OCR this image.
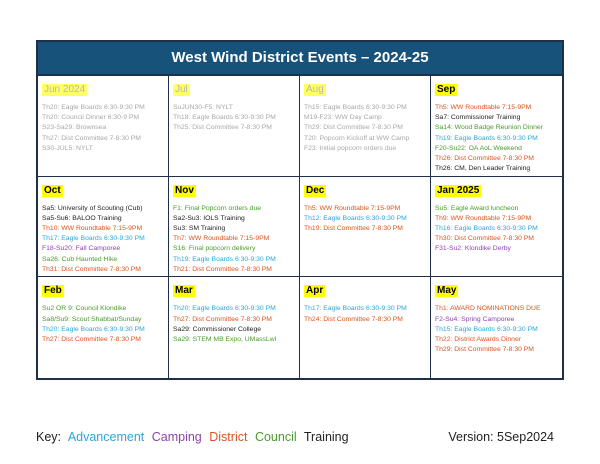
West Wind District Events – 2024-25
Jun 2024
Th20: Eagle Boards 6:30-9:30 PM
Th20: Council Dinner 6:30-9 PM
S23-Sa29: Brownsea
Th27: Dist Committee 7-8:30 PM
S30-JUL5: NYLT
Jul
SuJUN30-F5: NYLT
Th18: Eagle Boards 6:30-9:30 PM
Th25: Dist Committee 7-8:30 PM
Aug
Th15: Eagle Boards 6:30-9:30 PM
M19-F23: WW Day Camp
Th29: Dist Committee 7-8:30 PM
T20: Popcorn Kickoff at WW Camp
F23: Initial popcorn orders due
Sep
Th5: WW Roundtable 7:15-9PM
Sa7: Commissioner Training
Sa14: Wood Badge Reunion Dinner
Th19: Eagle Boards 6:30-9:30 PM
F20-Su22: OA AoL Weekend
Th26: Dist Committee 7-8:30 PM
Th26: CM, Den Leader Training
Oct
Sa5: University of Scouting (Cub)
Sa5-Su6: BALOO Training
Th10: WW Roundtable 7:15-9PM
Th17: Eagle Boards 6:30-9:30 PM
F18-Su20: Fall Camporee
Sa26: Cub Haunted Hike
Th31: Dist Committee 7-8:30 PM
Nov
F1: Final Popcorn orders due
Sa2-Su3: IOLS Training
Su3: SM Training
Th7: WW Roundtable 7:15-9PM
S16: Final popcorn delivery
Th19: Eagle Boards 6:30-9:30 PM
Th21: Dist Committee 7-8:30 PM
Dec
Th5: WW Roundtable 7:15-9PM
Th12: Eagle Boards 6:30-9:30 PM
Th19: Dist Committee 7-8:30 PM
Jan 2025
Su5: Eagle Award luncheon
Th9: WW Roundtable 7:15-9PM
Th16: Eagle Boards 6:30-9:30 PM
Th30: Dist Committee 7-8:30 PM
F31-Su2: Klondike Derby
Feb
Su2 OR 9: Council Klondike
Sa8/Su9: Scout Shabbat/Sunday
Th20: Eagle Boards 6:30-9:30 PM
Th27: Dist Committee 7-8:30 PM
Mar
Th20: Eagle Boards 6:30-9:30 PM
Th27: Dist Committee 7-8:30 PM
Sa29: Commissioner College
Sa29: STEM MB Expo, UMassLwl
Apr
Th17: Eagle Boards 6:30-9:30 PM
Th24: Dist Committee 7-8:30 PM
May
Th1: AWARD NOMINATIONS DUE
F2-Su4: Spring Camporee
Th15: Eagle Boards 6:30-9:30 PM
Th22: District Awards Dinner
Th29: Dist Committee 7-8:30 PM
Key: Advancement Camping District Council Training	Version: 5Sep2024
